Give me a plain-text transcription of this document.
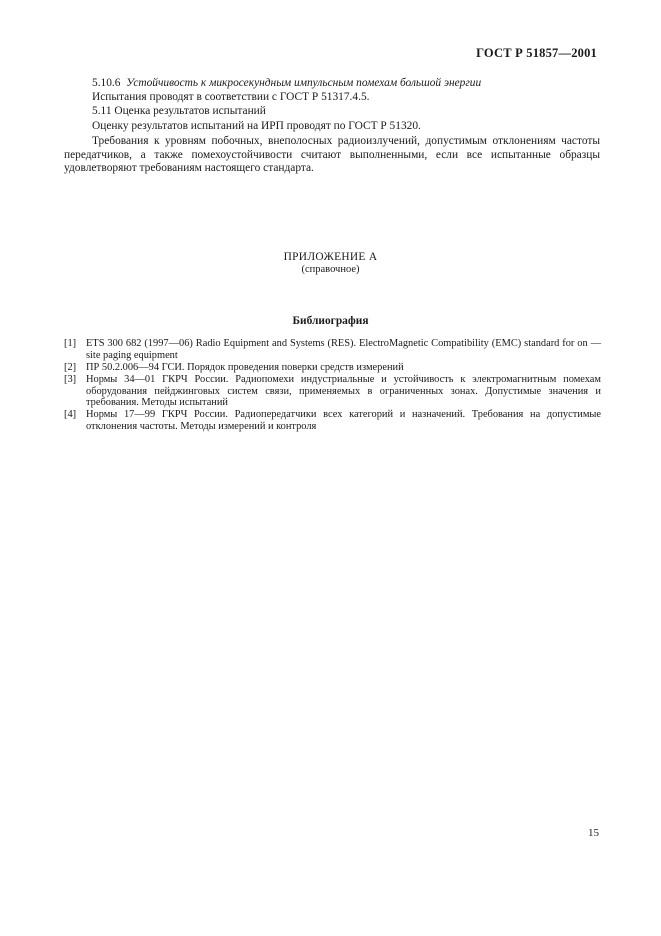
ГОСТ Р 51857—2001

5.10.6 Устойчивость к микросекундным импульсным помехам большой энергии

Испытания проводят в соответствии с ГОСТ Р 51317.4.5.

5.11 Оценка результатов испытаний

Оценку результатов испытаний на ИРП проводят по ГОСТ Р 51320.

Требования к уровням побочных, внеполосных радиоизлучений, допустимым отклонениям частоты передатчиков, а также помехоустойчивости считают выполненными, если все испытанные образцы удовлетворяют требованиям настоящего стандарта.

ПРИЛОЖЕНИЕ А
(справочное)
Библиография
[1] ETS 300 682 (1997—06) Radio Equipment and Systems (RES). ElectroMagnetic Compatibility (EMC) standard for on — site paging equipment
[2] ПР 50.2.006—94 ГСИ. Порядок проведения поверки средств измерений
[3] Нормы 34—01 ГКРЧ России. Радиопомехи индустриальные и устойчивость к электромагнитным помехам оборудования пейджинговых систем связи, применяемых в ограниченных зонах. Допустимые значения и требования. Методы испытаний
[4] Нормы 17—99 ГКРЧ России. Радиопередатчики всех категорий и назначений. Требования на допустимые отклонения частоты. Методы измерений и контроля
15
